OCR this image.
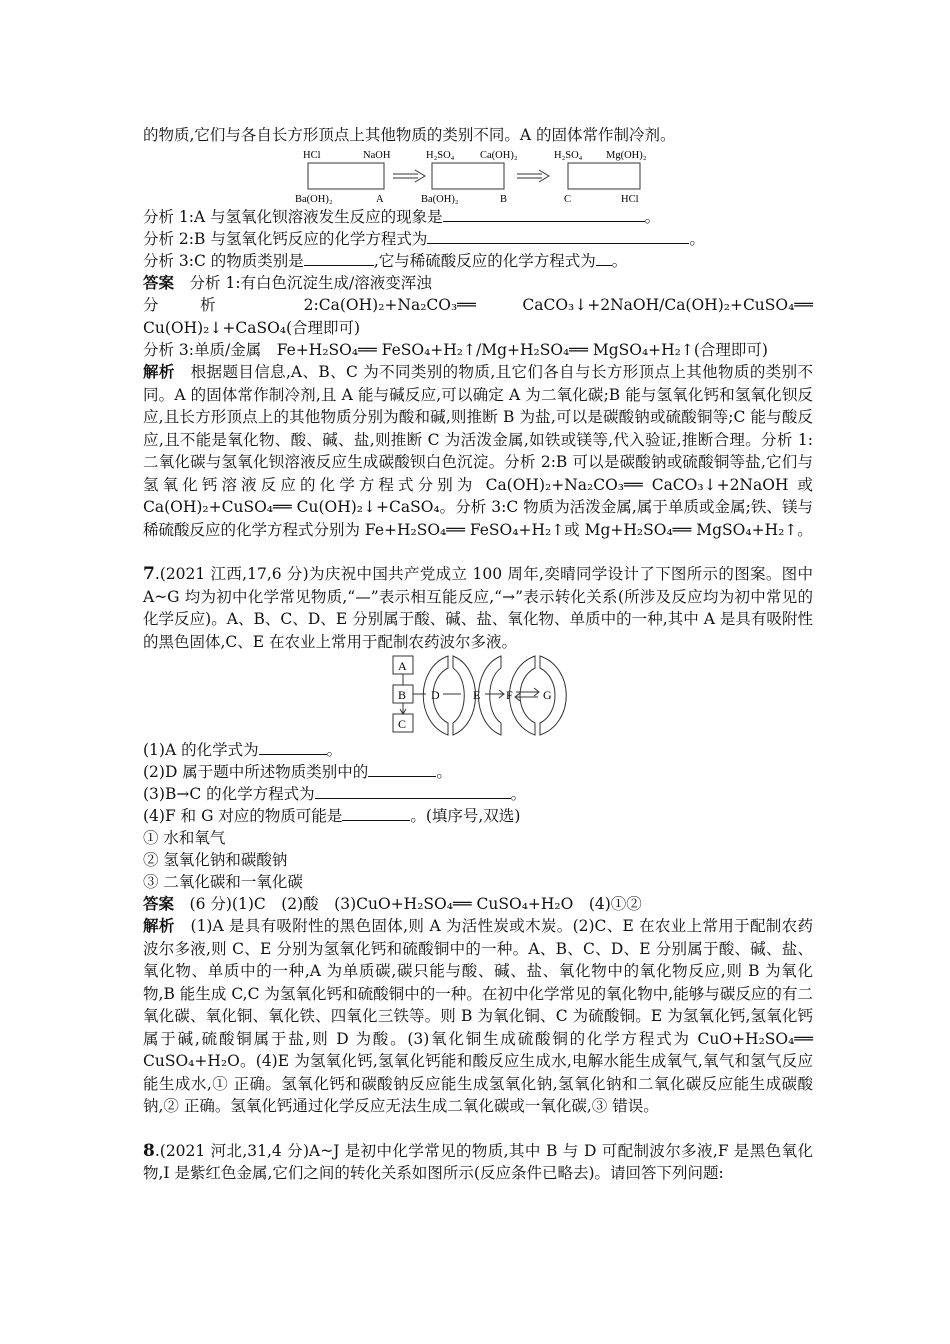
的物质,它们与各自长方形顶点上其他物质的类别不同。A 的固体常作制冷剂。

HCl	NaOH
Ba(OH)₂	A
H₂SO₄ Ca(OH)₂
Ba(OH)₂	B
H₂SO₄ Mg(OH)₂
C	HCl

分析 1:A 与氢氧化钡溶液发生反应的现象是	。

分析 2:B 与氢氧化钙反应的化学方程式为	。

分析 3:C 的物质类别是	,它与稀硫酸反应的化学方程式为 。

答案　 分析 1:有白色沉淀生成/溶液变浑浊

分析 2:Ca(OH)₂+Na₂CO₃══ CaCO₃↓+2NaOH/Ca(OH)₂+CuSO₄══ Cu(OH)₂↓+CaSO₄(合理即可)

分析 3:单质/金属　Fe+H₂SO₄══ FeSO₄+H₂↑/Mg+H₂SO₄══ MgSO₄+H₂↑(合理即可)

解析　 根据题目信息,A、B、C 为不同类别的物质,且它们各自与长方形顶点上其他物质的类别不同。A 的固体常作制冷剂,且 A 能与碱反应,可以确定 A 为二氧化碳;B 能与氢氧化钙和氢氧化钡反应,且长方形顶点上的其他物质分别为酸和碱,则推断 B 为盐,可以是碳酸钠或硫酸铜等;C 能与酸反应,且不能是氧化物、酸、碱、盐,则推断 C 为活泼金属,如铁或镁等,代入验证,推断合理。分析 1:二氧化碳与氢氧化钡溶液反应生成碳酸钡白色沉淀。分析 2:B 可以是碳酸钠或硫酸铜等盐,它们与氢氧化钙溶液反应的化学方程式分别为 Ca(OH)₂+Na₂CO₃══ CaCO₃↓+2NaOH 或 Ca(OH)₂+CuSO₄══ Cu(OH)₂↓+CaSO₄。分析 3:C 物质为活泼金属,属于单质或金属;铁、镁与稀硫酸反应的化学方程式分别为 Fe+H₂SO₄══ FeSO₄+H₂↑或 Mg+H₂SO₄══ MgSO₄+H₂↑。

7.(2021 江西,17,6 分)为庆祝中国共产党成立 100 周年,奕晴同学设计了下图所示的图案。图中 A~G 均为初中化学常见物质,“—”表示相互能反应,“→”表示转化关系(所涉及反应均为初中常见的化学反应)。A、B、C、D、E 分别属于酸、碱、盐、氧化物、单质中的一种,其中 A 是具有吸附性的黑色固体,C、E 在农业上常用于配制农药波尔多液。

A
B
C
D	E F	G

(1)A 的化学式为	。

(2)D 属于题中所述物质类别中的	。

(3)B→C 的化学方程式为	。

(4)F 和 G 对应的物质可能是	。(填序号,双选)

① 水和氧气

② 氢氧化钠和碳酸钠

③ 二氧化碳和一氧化碳

答案　 (6 分)(1)C　(2)酸　(3)CuO+H₂SO₄══ CuSO₄+H₂O　(4)①②

解析　 (1)A 是具有吸附性的黑色固体,则 A 为活性炭或木炭。(2)C、E 在农业上常用于配制农药波尔多液,则 C、E 分别为氢氧化钙和硫酸铜中的一种。A、B、C、D、E 分别属于酸、碱、盐、氧化物、单质中的一种,A 为单质碳,碳只能与酸、碱、盐、氧化物中的氧化物反应,则 B 为氧化物,B 能生成 C,C 为氢氧化钙和硫酸铜中的一种。在初中化学常见的氧化物中,能够与碳反应的有二氧化碳、氧化铜、氧化铁、四氧化三铁等。则 B 为氧化铜、C 为硫酸铜。E 为氢氧化钙,氢氧化钙属于碱,硫酸铜属于盐,则 D 为酸。(3)氧化铜生成硫酸铜的化学方程式为 CuO+H₂SO₄══ CuSO₄+H₂O。(4)E 为氢氧化钙,氢氧化钙能和酸反应生成水,电解水能生成氧气,氧气和氢气反应能生成水,① 正确。氢氧化钙和碳酸钠反应能生成氢氧化钠,氢氧化钠和二氧化碳反应能生成碳酸钠,② 正确。氢氧化钙通过化学反应无法生成二氧化碳或一氧化碳,③ 错误。

8.(2021 河北,31,4 分)A~J 是初中化学常见的物质,其中 B 与 D 可配制波尔多液,F 是黑色氧化物,I 是紫红色金属,它们之间的转化关系如图所示(反应条件已略去)。请回答下列问题:
